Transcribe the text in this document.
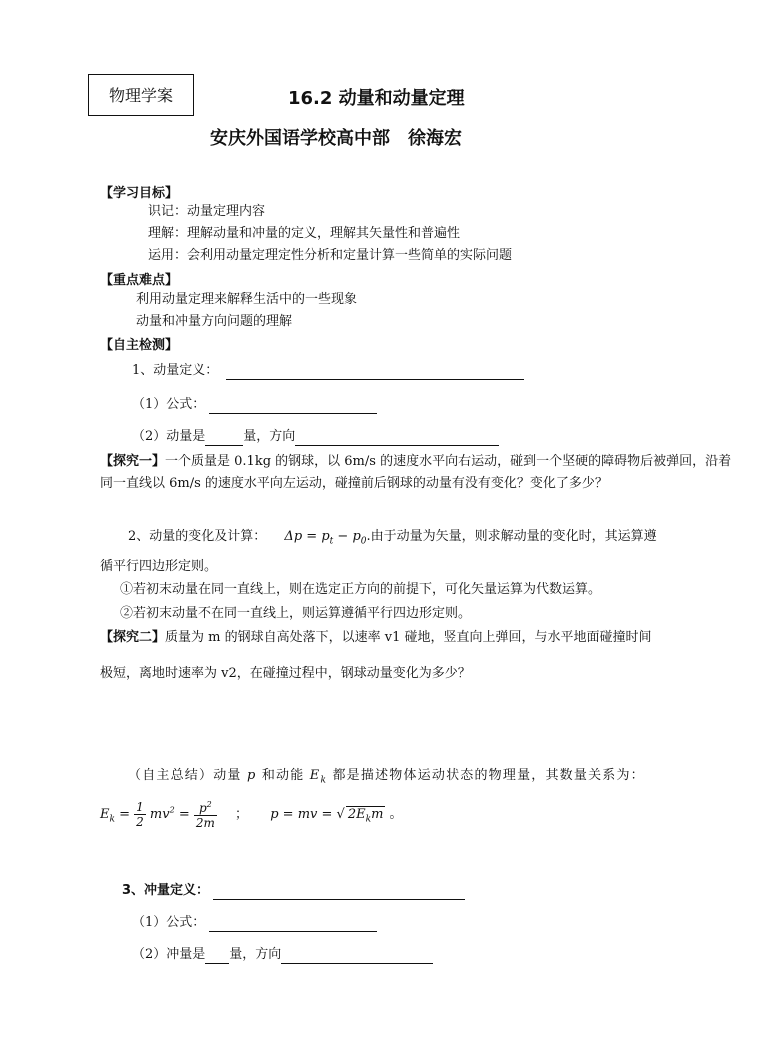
物理学案	16.2 动量和动量定理
安庆外国语学校高中部　徐海宏
【学习目标】
识记：动量定理内容
理解：理解动量和冲量的定义，理解其矢量性和普遍性
运用：会利用动量定理定性分析和定量计算一些简单的实际问题
【重点难点】
利用动量定理来解释生活中的一些现象
动量和冲量方向问题的理解
【自主检测】
1、动量定义：
（1）公式：
（2）动量是	量，方向
【探究一】一个质量是 0.1kg 的钢球，以 6m/s 的速度水平向右运动，碰到一个坚硬的障碍物后被弹回，沿着同一直线以 6m/s 的速度水平向左运动，碰撞前后钢球的动量有没有变化？变化了多少？
2、动量的变化及计算： $\Delta p = p_t - p_0$.由于动量为矢量，则求解动量的变化时，其运算遵
循平行四边形定则。
①若初末动量在同一直线上，则在选定正方向的前提下，可化矢量运算为代数运算。
②若初末动量不在同一直线上，则运算遵循平行四边形定则。
【探究二】质量为 m 的钢球自高处落下，以速率 v1 碰地，竖直向上弹回，与水平地面碰撞时间
极短，离地时速率为 v2，在碰撞过程中，钢球动量变化为多少？
（自主总结）动量 p 和动能 $E_k$ 都是描述物体运动状态的物理量，其数量关系为：
$E_k = \frac{1}{2} mv^2 = \frac{p^2}{2m}$ ； p = mv = √ $2E_km$ 。
3、冲量定义：
（1）公式：
（2）冲量是 量，方向
